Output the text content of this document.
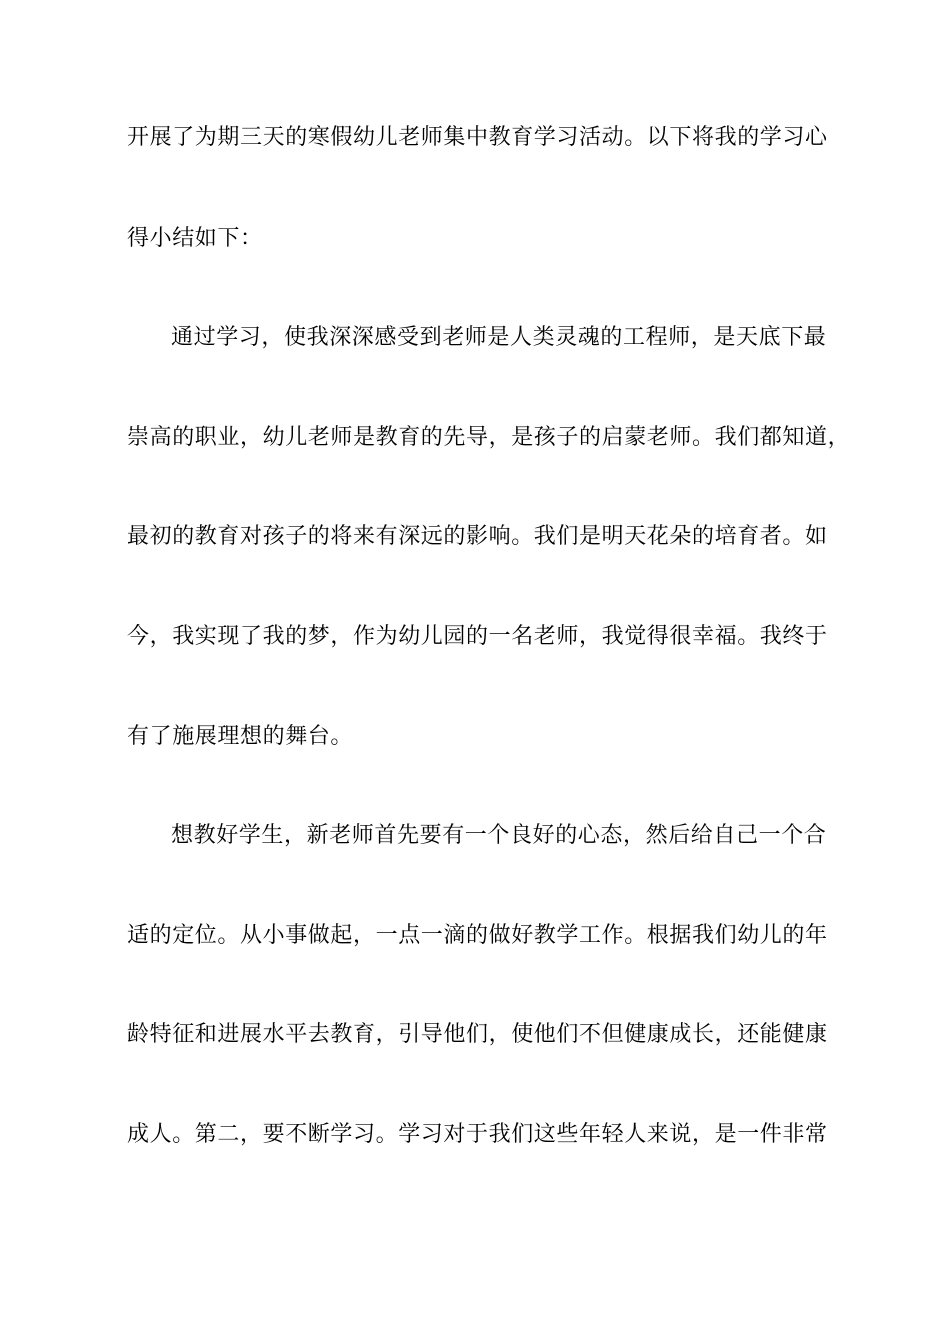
开展了为期三天的寒假幼儿老师集中教育学习活动。以下将我的学习心
得小结如下：
通过学习，使我深深感受到老师是人类灵魂的工程师，是天底下最
崇高的职业，幼儿老师是教育的先导，是孩子的启蒙老师。我们都知道，
最初的教育对孩子的将来有深远的影响。我们是明天花朵的培育者。如
今，我实现了我的梦，作为幼儿园的一名老师，我觉得很幸福。我终于
有了施展理想的舞台。
想教好学生，新老师首先要有一个良好的心态，然后给自己一个合
适的定位。从小事做起，一点一滴的做好教学工作。根据我们幼儿的年
龄特征和进展水平去教育，引导他们，使他们不但健康成长，还能健康
成人。第二，要不断学习。学习对于我们这些年轻人来说，是一件非常
